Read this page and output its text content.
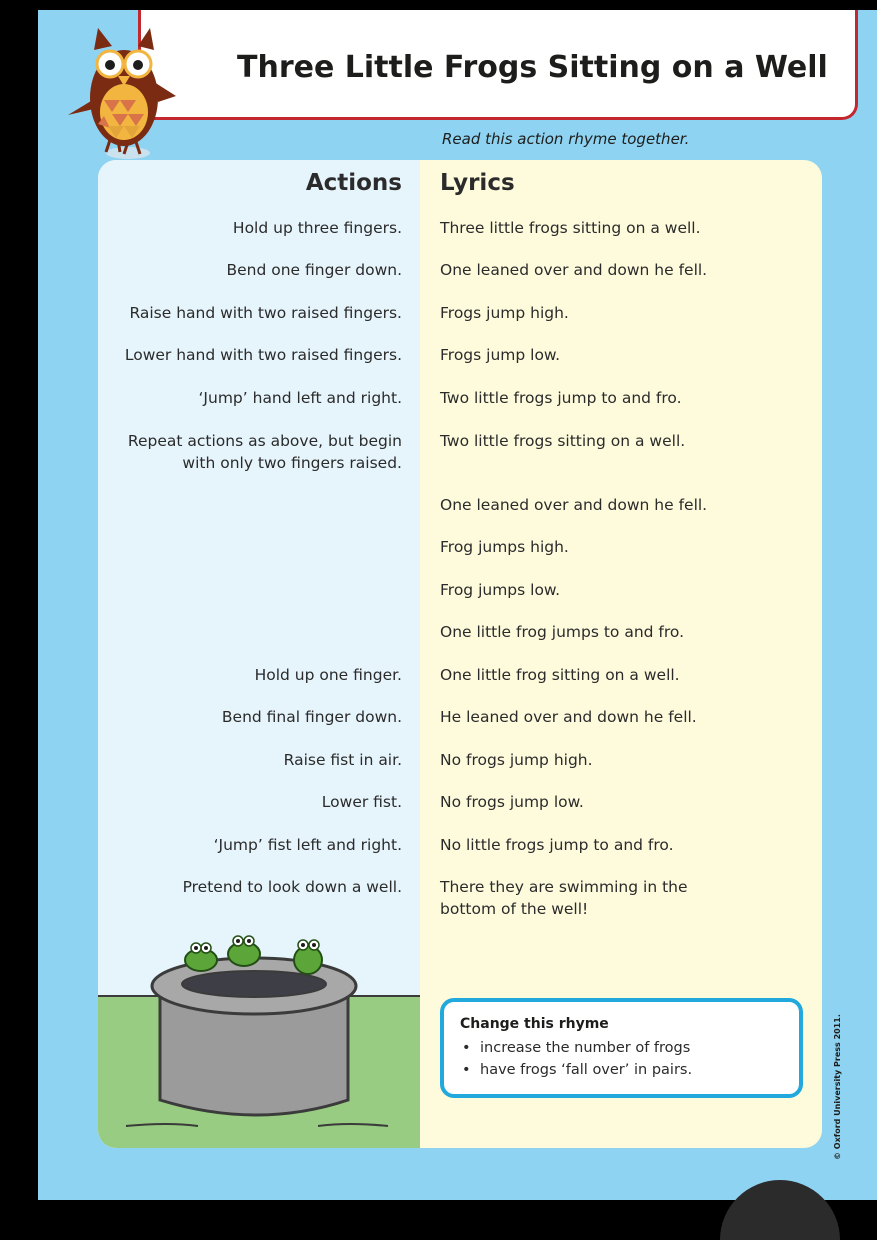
Three Little Frogs Sitting on a Well
Read this action rhyme together.
Actions Lyrics
Hold up three fingers.
Bend one finger down.
Raise hand with two raised fingers.
Lower hand with two raised fingers.
‘Jump’ hand left and right.
Repeat actions as above, but begin with only two fingers raised.
Hold up one finger.
Bend final finger down.
Raise fist in air.
Lower fist.
‘Jump’ fist left and right.
Pretend to look down a well.
Three little frogs sitting on a well.
One leaned over and down he fell.
Frogs jump high.
Frogs jump low.
Two little frogs jump to and fro.
Two little frogs sitting on a well.
One leaned over and down he fell.
Frog jumps high.
Frog jumps low.
One little frog jumps to and fro.
One little frog sitting on a well.
He leaned over and down he fell.
No frogs jump high.
No frogs jump low.
No little frogs jump to and fro.
There they are swimming in the bottom of the well!
Change this rhyme
• increase the number of frogs
• have frogs ‘fall over’ in pairs.	© Oxford University Press 2011.
